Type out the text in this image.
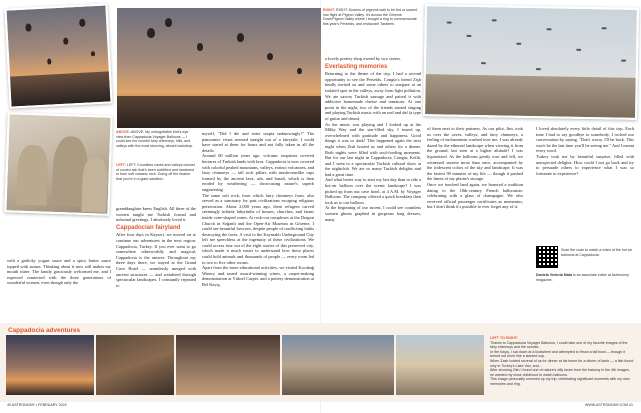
ABOVE: ABOVE: My unforgettable bird's-eye view from Cappadocia Voyager Balloons — I could see the colorful fairy chimneys, hills, and valleys with the most stunning, vibrant backdrop.
LEFT: LEFT: Countless caves and valleys consist of cooled ash that's been solidified and hardened to form soft volcanic rock. Going off the illusion that you're in a giant sandbox.

granddaughter knew English. All three of the women taught me Turkish formal and informal greetings. I absolutely loved it.

Cappadocian fairyland

After four days in Kayseri, we moved on to continue our adventures in the next region: Cappadocia, Turkey. If you ever want to go somewhere otherworldly and magical, Cappadocia is the answer. Throughout my three days there, we stayed at the Grand Cave Hotel — seamlessly merged with ancient structures — and wandered through spectacular landscapes. I constantly repeated to

with a garlicky yogurt sauce and a spicy butter sauce topped with sumac. Thinking about it now still makes my mouth water. The family graciously welcomed me, and I expected connected with the three generations of wonderful women, even though only the

myself, "Did I die and enter utopia unknowingly?" The panoramic vistas seemed straight out of a fairytale; I could have stared at them for hours and not fully taken in all the details.
Around 60 million years ago, volcanic eruptions covered hectares of Turkish lands with lava. Cappadocia is now covered with colorful peaked mountains, valleys, extinct volcanoes, and fairy chimneys — tall rock pillars with mushroomlike caps formed by the ancient lava, ash, and basalt, which is then eroded by weathering — showcasing nature's superb engineering.
The same soft rock, from which fairy chimneys form, also served as a sanctuary for past civilizations escaping religious persecution. About 2,000 years ago, these refugees carved seemingly infinite labyrinths of houses, churches, and farms inside cone-shaped cones. At rock-cut complexes at the Dragon Church in Soğanlı and the Open-Air Museum in Göreme, I could see beautiful frescoes, despite people of conflicting faiths destroying the faces. A visit to the Kaymaklı Underground City left me speechless at the ingenuity of these civilizations. We could access four out of the eight stories of this preserved city, which made it much easier to understand how these places could hold animals and thousands of people — every room led to two to five other rooms.
Apart from the more educational activities, we visited Kocabağ Winery and tasted award-winning wines, a carpet-making demonstration at Yüksel Carpet, and a pottery demonstration at Bel Kayış,

40 ASTRONOMY • FEBRUARY 2024
RIGHT: RIGHT: Dozens of pigeons wait to be fed or soared into flight at Pigeon Valley. It's across the Göreme Dove/Pigeon Valley where I bought a ring to commemorate this year's Perseids, and restaurant Taraleen.

a lovely pottery shop owned by two sisters.

Everlasting memories

Returning to the theme of the trip, I had a second opportunity to see the Perseids. Congür's friend Zişh kindly invited us and some others to stargaze at an isolated spot in the valleys, away from light pollution. We ate savory Turkish sausage and paired it with addictive homemade cheese and tomatoes. At one point in the night, two of the friends started singing and playing Turkish music with an oud and daf (a type of guitar and drum).
As the music was playing and I looked up at the Milky Way and the star-filled sky, I teared up, overwhelmed with gratitude and happiness. Good things it was so dark! This happened again the next night when Zish hosted us and others for a dinner. Both nights were filled with soul-fooding moments. But for our last night in Cappadocia, Congür, Kefik, and I went to a spectacular Turkish cultural show at the nightclub. We ate so many Turkish delights and had a great time.
And what better way to start my last day than to ride a hot-air balloon over the scenic landscape? I was picked up from our cave hotel, at 4 A.M. by Voyager Balloons. The company offered a quick breakfast then took us to our balloon.
At the beginning of our ascent, I could see countless women ghosts graphed in gorgeous long dresses, many

of them next to their partners. As our pilot, Jim, took us over the caves, valleys, and fairy chimneys, a feeling of enchantment washed over me. I was already dazed by the ethereal landscape when viewing it from the ground, but seen at a higher altitude? I was hypnotized. As the balloons gently rose and fell, we witnessed sunrise more than once, accompanied by the iridescent colors of the sky and landscape. It was the fastest 90 minutes of my life — though it pushed the limits of my phone's storage.
Once we touched land again, we honored a tradition dating to the 18th-century French balloonists: celebrating with a glass of champagne. We also received official passenger certificates as mementos, but I don't think it's possible to ever forget any of it.

I loved absolutely every little detail of this trip. Each time I had to say goodbye to somebody, I rocked our conversation by saying, "Don't worry, I'll be back. This won't be the last time you'll be seeing me." And I meant every word.
Turkey took me by beautiful surprise, filled with unexpected delights. How could I not go back and try to persuade others to experience what I was so fortunate to experience?

WWW.ASTRONOMY.COM 41
Scan the code to watch a video of the hot air balloons at Cappadocia.
Daniela Victoria Mata is an associate editor at Astronomy magazine.
Cappadocia adventures
LEFT TO RIGHT:
Thanks to Cappadocia Voyager Balloons, I could take one of my favorite images of the fairy chimneys and the sunrise.
In the Kayış, I sat down at a kickwheel and attempted to throw a tall bowl — though it turned out more like a slanted cup.
When Zash hosted several of us for dinner at his home for a dinner of lamb — a fish found only in Turkey's Lake Van, and...
After showing Zish I found one of nature's silly faces from the balcony in the 4th images, he wanted my close childhood to watch balloons.
This image personally summed up my trip, celebrating significant moments with my new memories and ring.
